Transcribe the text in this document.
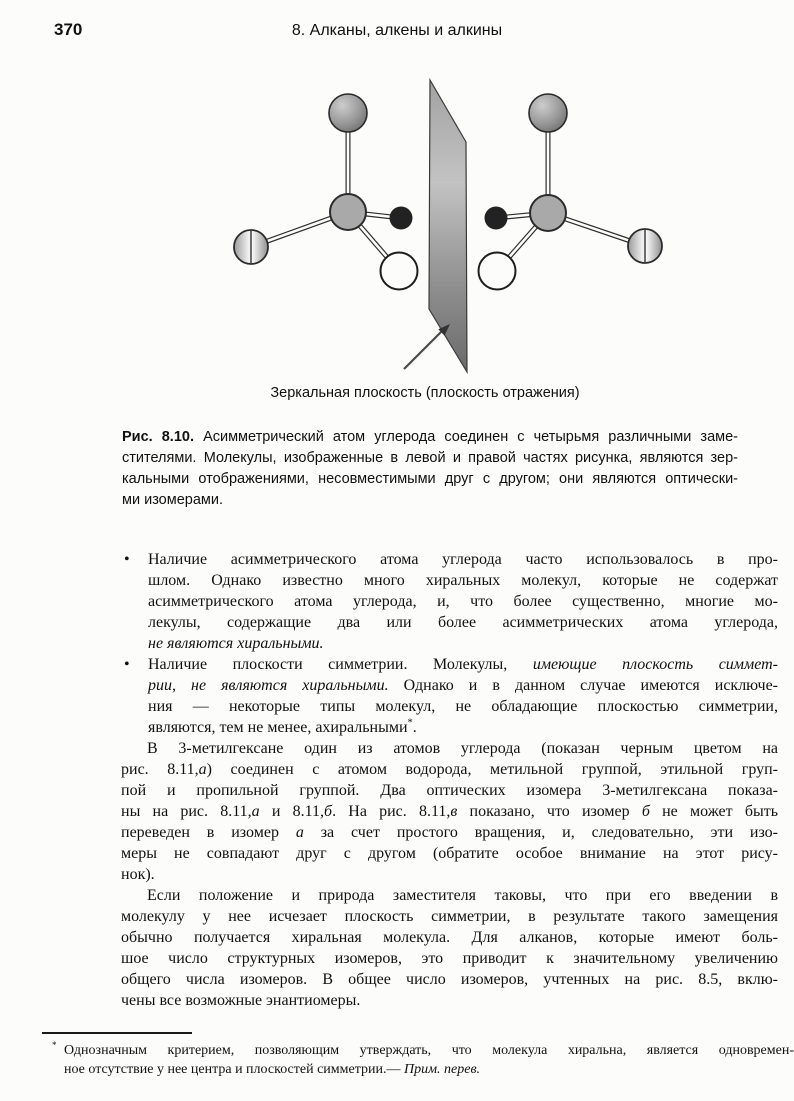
370	8. Алканы, алкены и алкины
Зеркальная плоскость (плоскость отражения)
Рис. 8.10. Асимметрический атом углерода соединен с четырьмя различными заме-
стителями. Молекулы, изображенные в левой и правой частях рисунка, являются зер-
кальными отображениями, несовместимыми друг с другом; они являются оптически-
ми изомерами.
• Наличие асимметрического атома углерода часто использовалось в про-
шлом. Однако известно много хиральных молекул, которые не содержат
асимметрического атома углерода, и, что более существенно, многие мо-
лекулы, содержащие два или более асимметрических атома углерода,
не являются хиральными.
• Наличие плоскости симметрии. Молекулы, имеющие плоскость симмет-
рии, не являются хиральными. Однако и в данном случае имеются исключе-
ния — некоторые типы молекул, не обладающие плоскостью симметрии,
являются, тем не менее, ахиральными*.
В 3-метилгексане один из атомов углерода (показан черным цветом на
рис. 8.11,а) соединен с атомом водорода, метильной группой, этильной груп-
пой и пропильной группой. Два оптических изомера 3-метилгексана показа-
ны на рис. 8.11,а и 8.11,б. На рис. 8.11,в показано, что изомер б не может быть
переведен в изомер а за счет простого вращения, и, следовательно, эти изо-
меры не совпадают друг с другом (обратите особое внимание на этот рису-
нок).
Если положение и природа заместителя таковы, что при его введении в
молекулу у нее исчезает плоскость симметрии, в результате такого замещения
обычно получается хиральная молекула. Для алканов, которые имеют боль-
шое число структурных изомеров, это приводит к значительному увеличению
общего числа изомеров. В общее число изомеров, учтенных на рис. 8.5, вклю-
чены все возможные энантиомеры.
* Однозначным критерием, позволяющим утверждать, что молекула хиральна, является одновремен-
ное отсутствие у нее центра и плоскостей симметрии.— Прим. перев.
